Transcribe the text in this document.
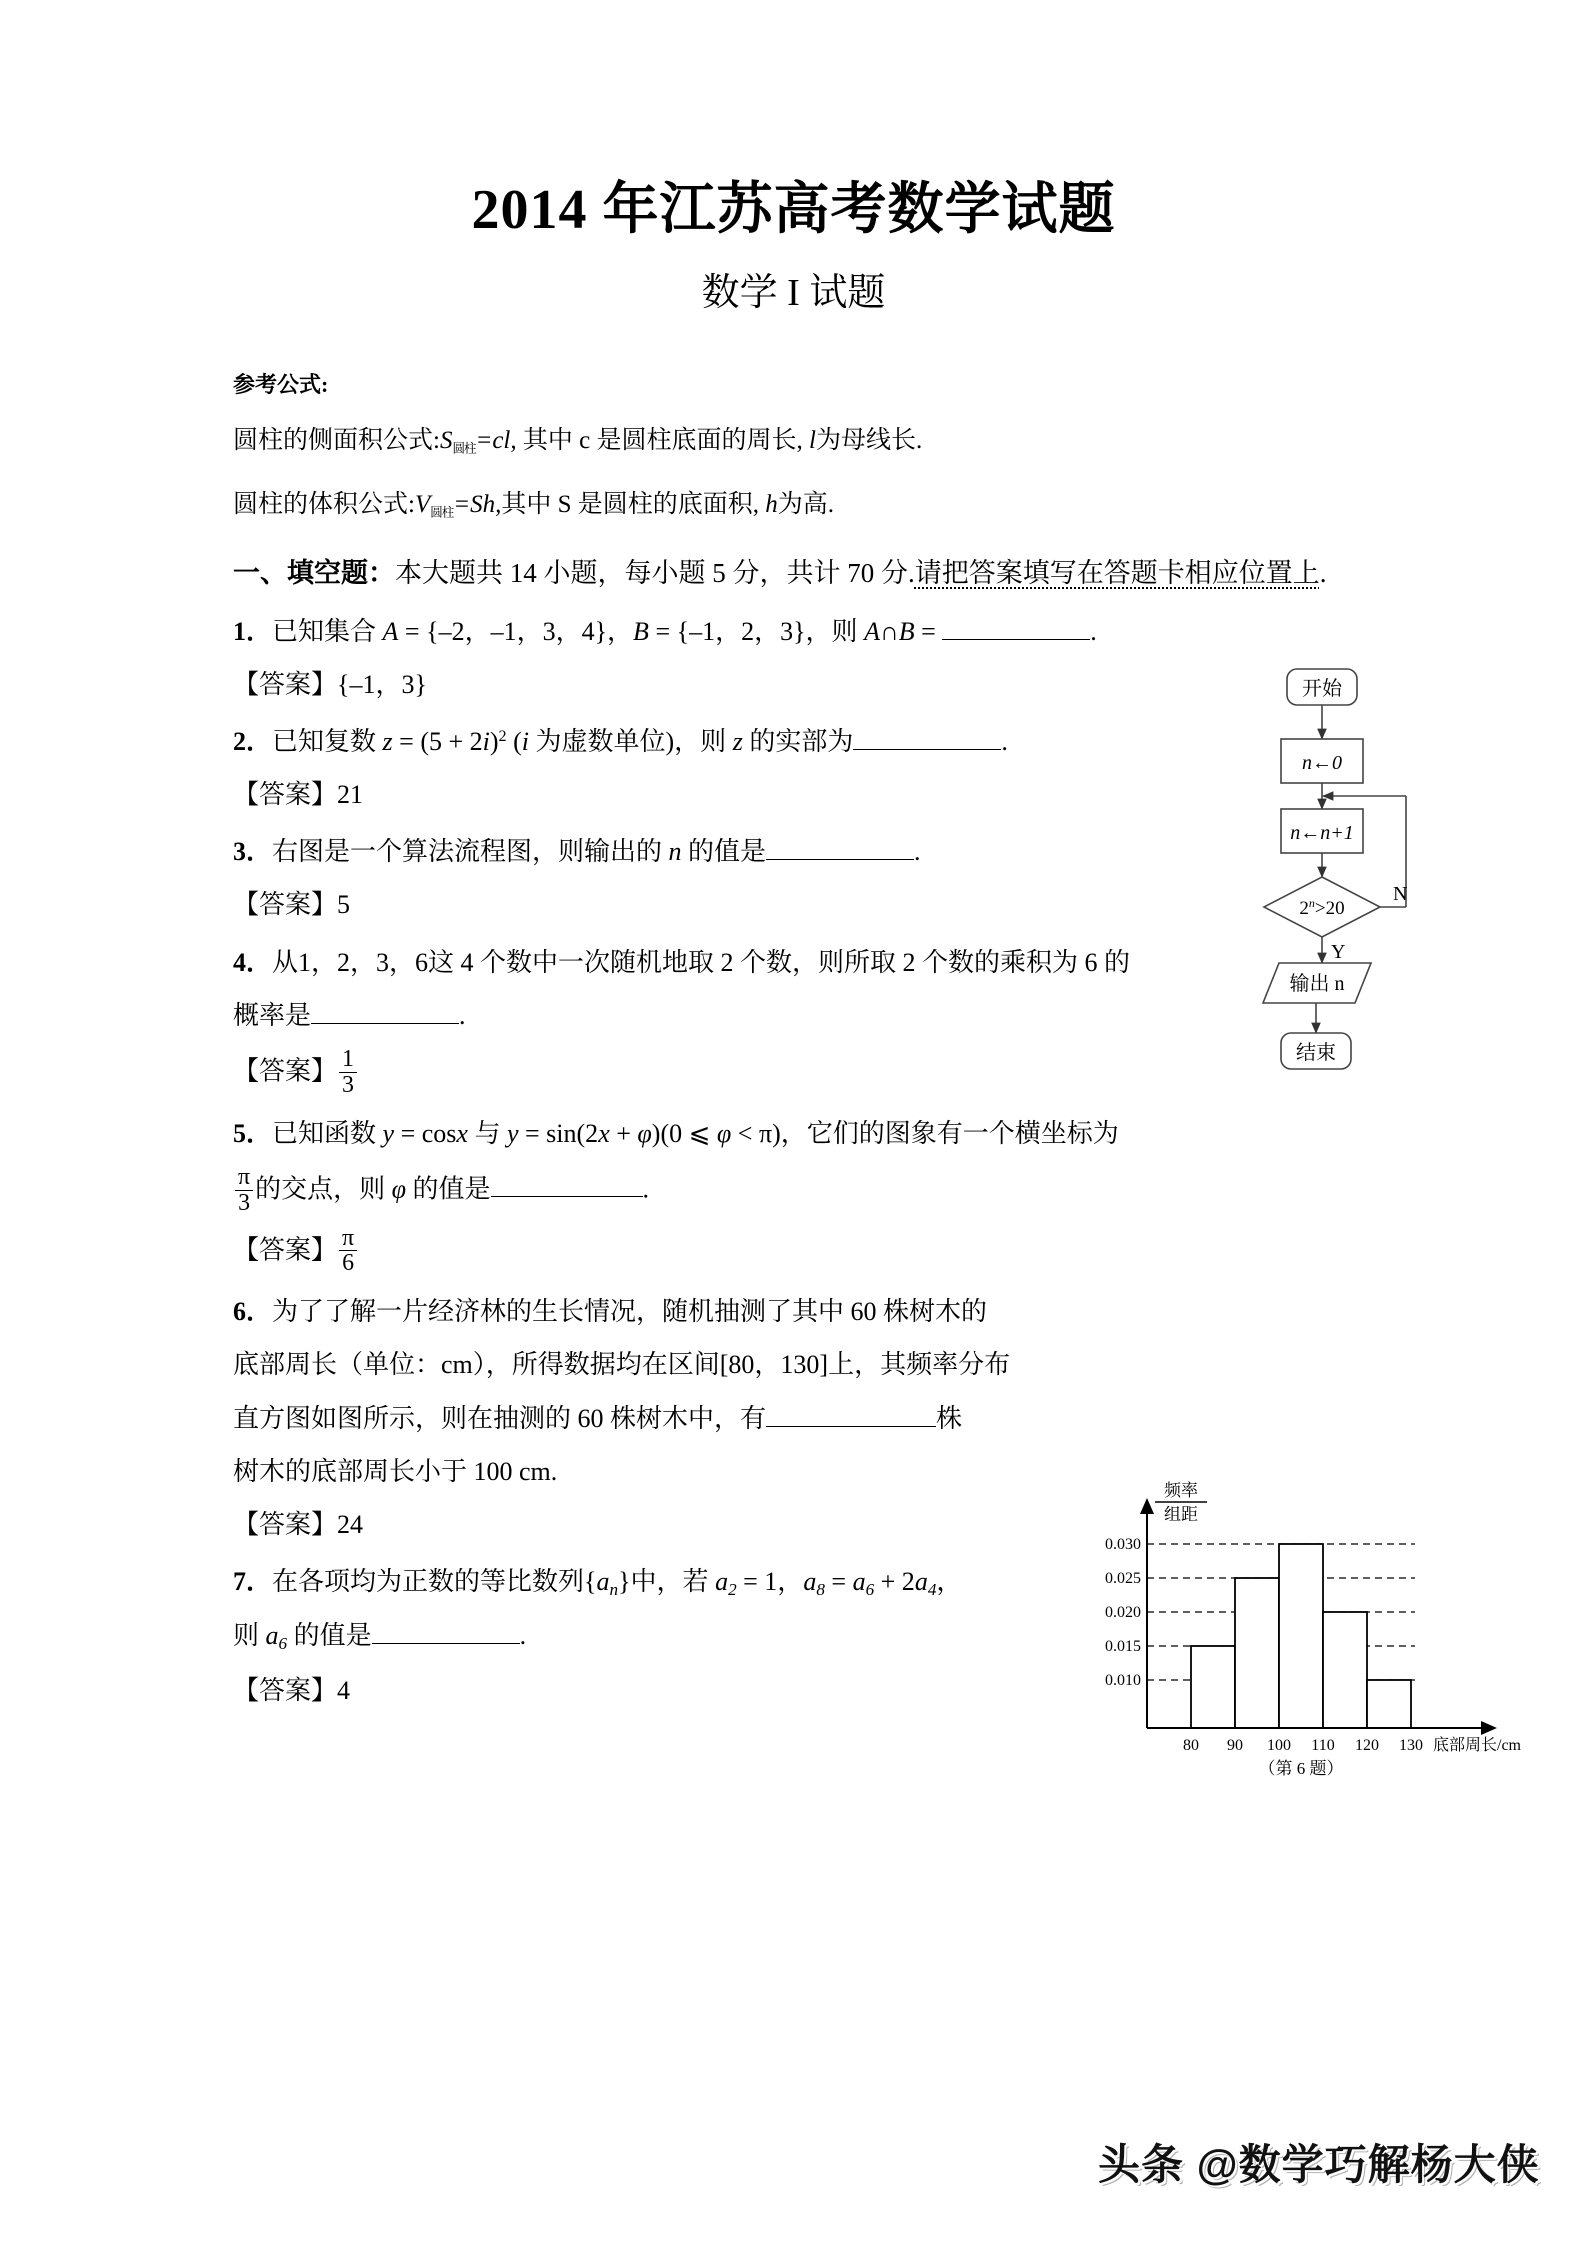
2014 年江苏高考数学试题
数学 I 试题
参考公式:
圆柱的侧面积公式:S圆柱=cl, 其中 c 是圆柱底面的周长, l为母线长.
圆柱的体积公式:V圆柱=Sh,其中 S 是圆柱的底面积, h为高.
一、填空题：本大题共 14 小题，每小题 5 分，共计 70 分.请把答案填写在答题卡相应位置上.
1．已知集合 A = {–2，–1，3，4}，B = {–1，2，3}，则 A∩B =	.
【答案】{–1，3}
2．已知复数 $z = (5 + 2i)^2$ (i 为虚数单位)，则 z 的实部为	.
【答案】21
3．右图是一个算法流程图，则输出的 n 的值是	.
【答案】5
4．从1，2，3，6这 4 个数中一次随机地取 2 个数，则所取 2 个数的乘积为 6 的
概率是	.
【答案】 $\frac{1}{3}$
5．已知函数 y = cosx 与 y = sin(2x + φ)(0 ⩽ φ < π)，它们的图象有一个横坐标为
$\frac{\pi}{3}$ 的交点，则 φ 的值是	.
【答案】 $\frac{\pi}{6}$
6．为了了解一片经济林的生长情况，随机抽测了其中 60 株树木的
底部周长（单位：cm），所得数据均在区间[80，130]上，其频率分布
直方图如图所示，则在抽测的 60 株树木中，有	株
树木的底部周长小于 100 cm.
【答案】24
7．在各项均为正数的等比数列$\{a_n\}$中，若 $a_2 = 1$，$a_8 = a_6 + 2a_4$，
则 $a_6$ 的值是	.
【答案】4
开始
n←0
n←n+1
$2^n>20$
N
Y
输出 n
结束
频率
组距
0.010
0.015
0.020
0.025
0.030
80 90 100 110 120 130 底部周长/cm
（第 6 题）
头条 @数学巧解杨大侠
